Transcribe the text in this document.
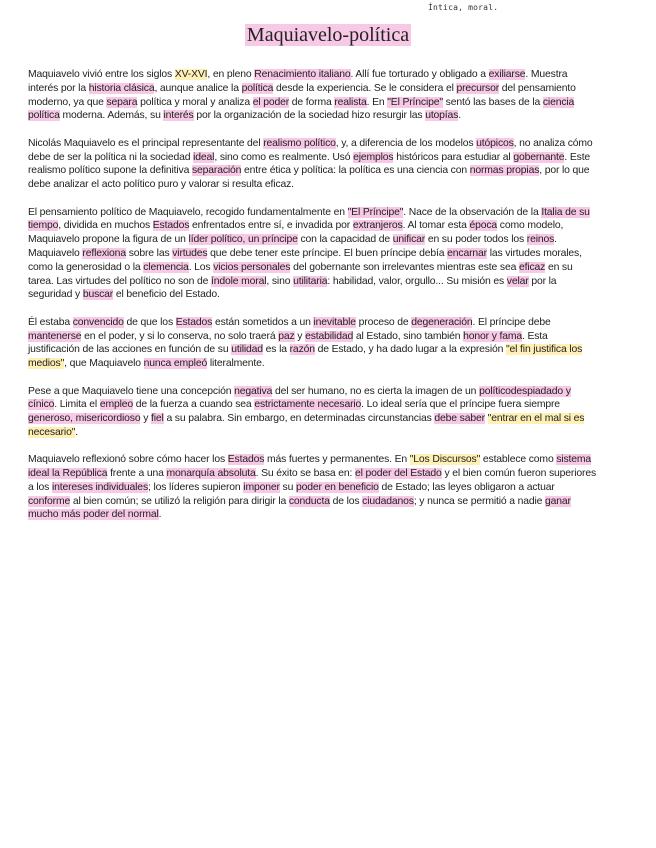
Íntica, moral.
Maquiavelo-política

Maquiavelo vivió entre los siglos XV-XVI, en pleno Renacimiento italiano. Allí fue torturado y obligado a exiliarse. Muestra interés por la historia clásica, aunque analice la política desde la experiencia. Se le considera el precursor del pensamiento moderno, ya que separa política y moral y analiza el poder de forma realista. En "El Príncipe" sentó las bases de la ciencia política moderna. Además, su interés por la organización de la sociedad hizo resurgir las utopías.

Nicolás Maquiavelo es el principal representante del realismo político, y, a diferencia de los modelos utópicos, no analiza cómo debe de ser la política ni la sociedad ideal, sino como es realmente. Usó ejemplos históricos para estudiar al gobernante. Este realismo político supone la definitiva separación entre ética y política: la política es una ciencia con normas propias, por lo que debe analizar el acto político puro y valorar si resulta eficaz.

El pensamiento político de Maquiavelo, recogido fundamentalmente en "El Príncipe". Nace de la observación de la Italia de su tiempo, dividida en muchos Estados enfrentados entre sí, e invadida por extranjeros. Al tomar esta época como modelo, Maquiavelo propone la figura de un líder político, un príncipe con la capacidad de unificar en su poder todos los reinos.

Maquiavelo reflexiona sobre las virtudes que debe tener este príncipe. El buen príncipe debía encarnar las virtudes morales, como la generosidad o la clemencia. Los vicios personales del gobernante son irrelevantes mientras este sea eficaz en su tarea. Las virtudes del político no son de índole moral, sino utilitaria: habilidad, valor, orgullo... Su misión es velar por la seguridad y buscar el beneficio del Estado.

Él estaba convencido de que los Estados están sometidos a un inevitable proceso de degeneración. El príncipe debe mantenerse en el poder, y si lo conserva, no solo traerá paz y estabilidad al Estado, sino también honor y fama. Esta justificación de las acciones en función de su utilidad es la razón de Estado, y ha dado lugar a la expresión "el fin justifica los medios", que Maquiavelo nunca empleó literalmente.

Pese a que Maquiavelo tiene una concepción negativa del ser humano, no es cierta la imagen de un políticodespiadado y cínico. Limita el empleo de la fuerza a cuando sea estrictamente necesario. Lo ideal sería que el príncipe fuera siempre generoso, misericordioso y fiel a su palabra. Sin embargo, en determinadas circunstancias debe saber "entrar en el mal si es necesario".

Maquiavelo reflexionó sobre cómo hacer los Estados más fuertes y permanentes. En "Los Discursos" establece como sistema ideal la República frente a una monarquía absoluta. Su éxito se basa en: el poder del Estado y el bien común fueron superiores a los intereses individuales; los líderes supieron imponer su poder en beneficio de Estado; las leyes obligaron a actuar conforme al bien común; se utilizó la religión para dirigir la conducta de los ciudadanos; y nunca se permitió a nadie ganar mucho más poder del normal.
